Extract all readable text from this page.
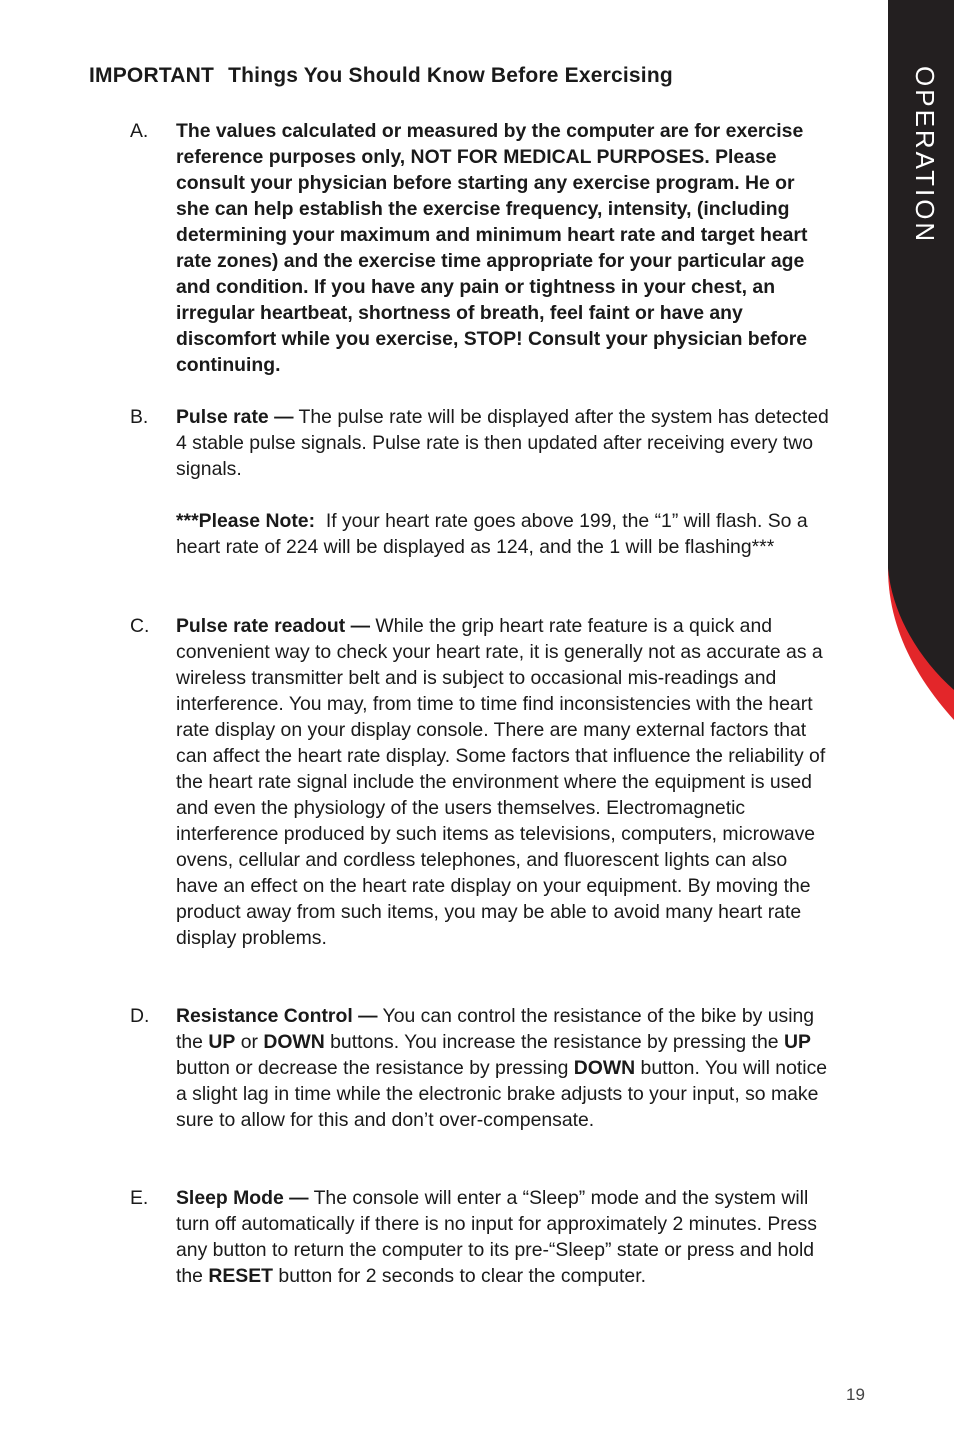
OPERATION
IMPORTANT Things You Should Know Before Exercising
A.	The values calculated or measured by the computer are for exercise reference purposes only, NOT FOR MEDICAL PURPOSES. Please consult your physician before starting any exercise program. He or she can help establish the exercise frequency, intensity, (including determining your maximum and minimum heart rate and target heart rate zones) and the exercise time appropriate for your particular age and condition. If you have any pain or tightness in your chest, an irregular heartbeat, shortness of breath, feel faint or have any discomfort while you exercise, STOP! Consult your physician before continuing.

B.	Pulse rate — The pulse rate will be displayed after the system has detected 4 stable pulse signals. Pulse rate is then updated after receiving every two signals.

***Please Note: If your heart rate goes above 199, the “1” will flash. So a heart rate of 224 will be displayed as 124, and the 1 will be flashing***

C.	Pulse rate readout — While the grip heart rate feature is a quick and convenient way to check your heart rate, it is generally not as accurate as a wireless transmitter belt and is subject to occasional mis-readings and interference. You may, from time to time find inconsistencies with the heart rate display on your display console. There are many external factors that can affect the heart rate display. Some factors that influence the reliability of the heart rate signal include the environment where the equipment is used and even the physiology of the users themselves. Electromagnetic interference produced by such items as televisions, computers, microwave ovens, cellular and cordless telephones, and fluorescent lights can also have an effect on the heart rate display on your equipment. By moving the product away from such items, you may be able to avoid many heart rate display problems.

D.	Resistance Control — You can control the resistance of the bike by using the UP or DOWN buttons. You increase the resistance by pressing the UP button or decrease the resistance by pressing DOWN button. You will notice a slight lag in time while the electronic brake adjusts to your input, so make sure to allow for this and don’t over-compensate.

E.	Sleep Mode — The console will enter a “Sleep” mode and the system will turn off automatically if there is no input for approximately 2 minutes. Press any button to return the computer to its pre-“Sleep” state or press and hold the RESET button for 2 seconds to clear the computer.

19
